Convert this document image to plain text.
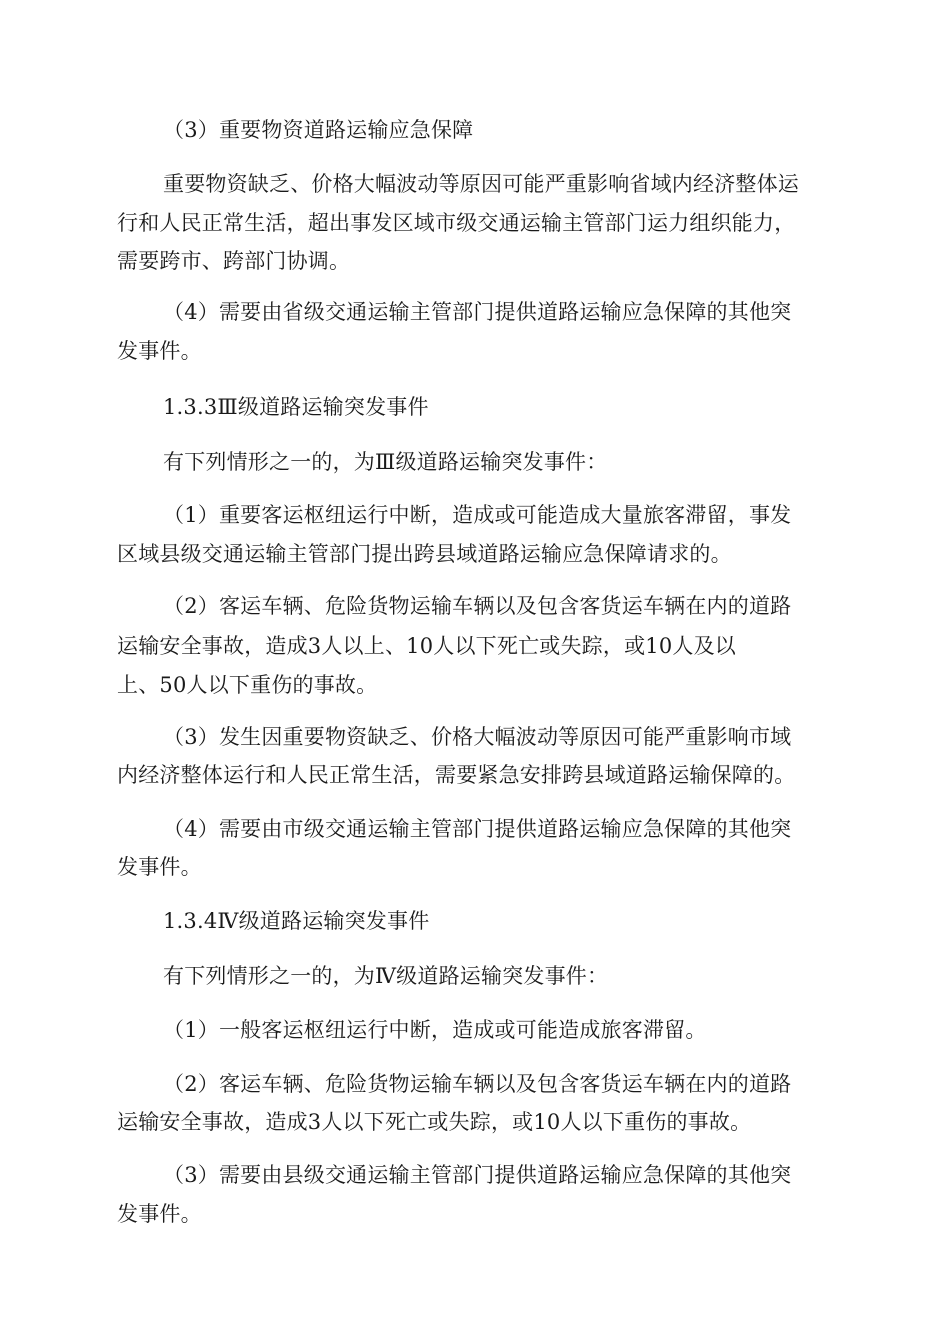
（3）重要物资道路运输应急保障
重要物资缺乏、价格大幅波动等原因可能严重影响省域内经济整体运
行和人民正常生活，超出事发区域市级交通运输主管部门运力组织能力，
需要跨市、跨部门协调。
（4）需要由省级交通运输主管部门提供道路运输应急保障的其他突
发事件。
1.3.3Ⅲ级道路运输突发事件
有下列情形之一的，为Ⅲ级道路运输突发事件：
（1）重要客运枢纽运行中断，造成或可能造成大量旅客滞留，事发
区域县级交通运输主管部门提出跨县域道路运输应急保障请求的。
（2）客运车辆、危险货物运输车辆以及包含客货运车辆在内的道路
运输安全事故，造成3人以上、10人以下死亡或失踪，或10人及以
上、50人以下重伤的事故。
（3）发生因重要物资缺乏、价格大幅波动等原因可能严重影响市域
内经济整体运行和人民正常生活，需要紧急安排跨县域道路运输保障的。
（4）需要由市级交通运输主管部门提供道路运输应急保障的其他突
发事件。
1.3.4Ⅳ级道路运输突发事件
有下列情形之一的，为Ⅳ级道路运输突发事件：
（1）一般客运枢纽运行中断，造成或可能造成旅客滞留。
（2）客运车辆、危险货物运输车辆以及包含客货运车辆在内的道路
运输安全事故，造成3人以下死亡或失踪，或10人以下重伤的事故。
（3）需要由县级交通运输主管部门提供道路运输应急保障的其他突
发事件。
